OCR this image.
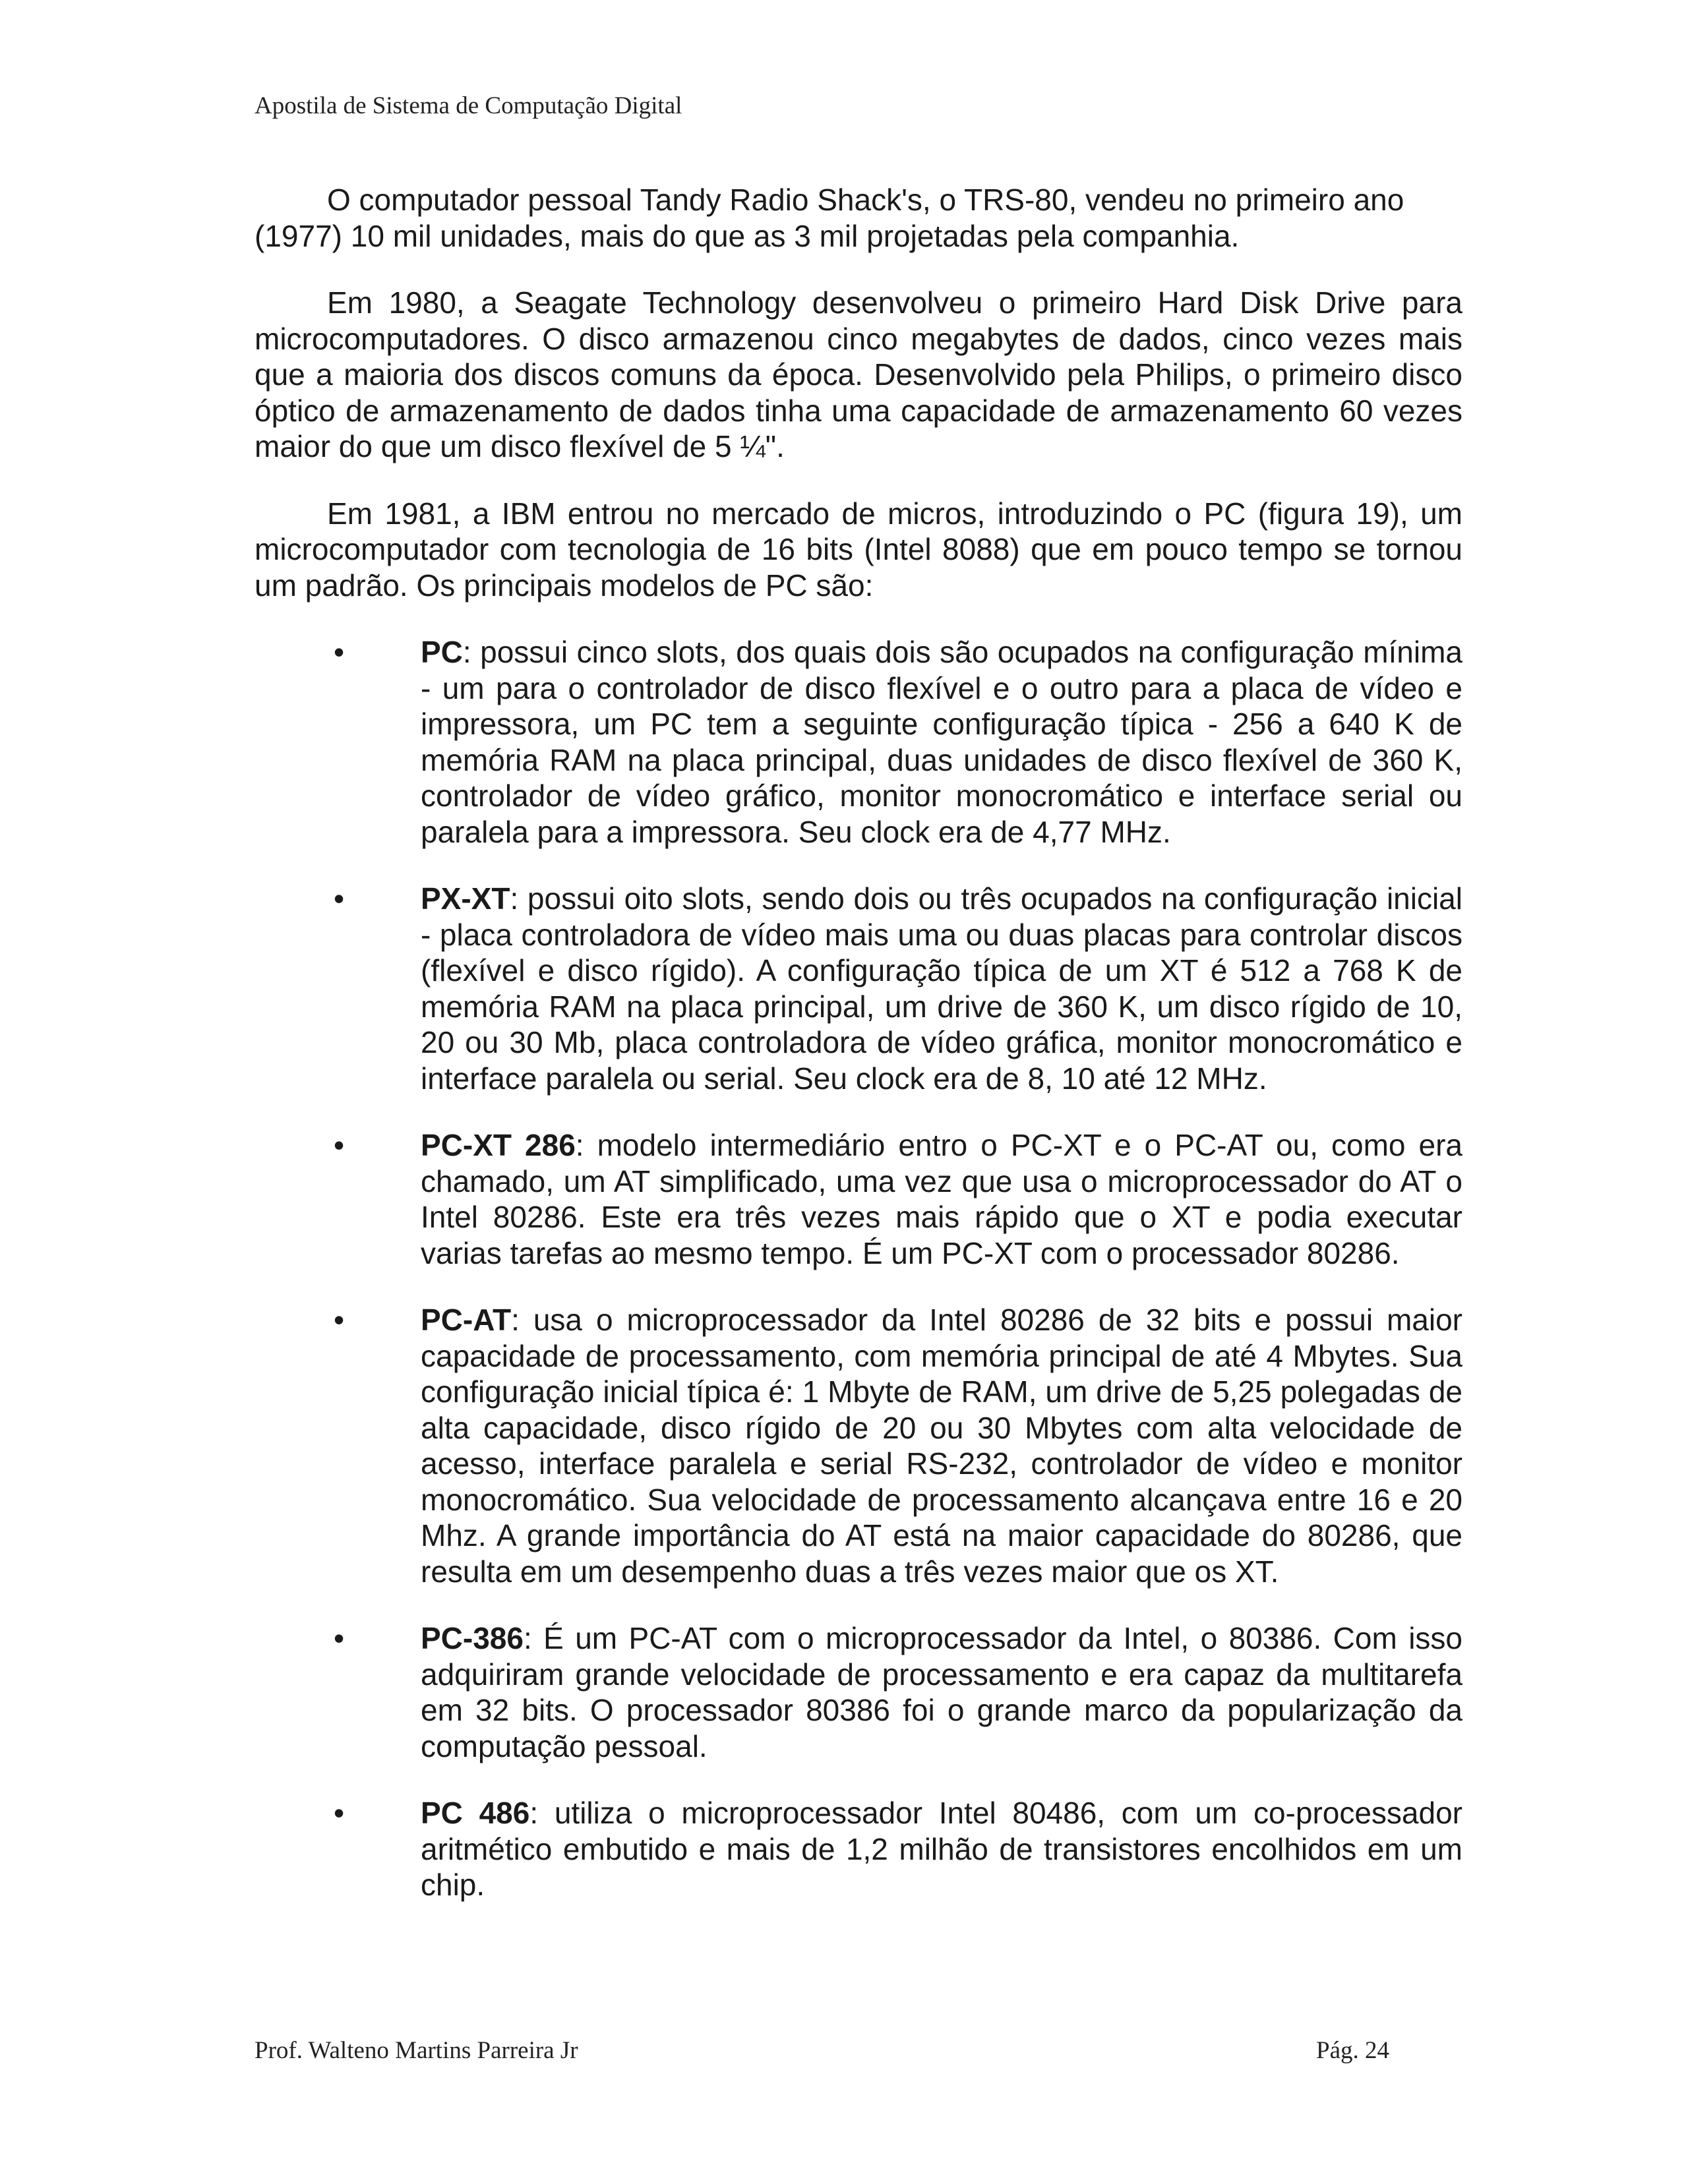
Apostila de Sistema de Computação Digital

O computador pessoal Tandy Radio Shack's, o TRS-80, vendeu no primeiro ano (1977) 10 mil unidades, mais do que as 3 mil projetadas pela companhia.

Em 1980, a Seagate Technology desenvolveu o primeiro Hard Disk Drive para microcomputadores. O disco armazenou cinco megabytes de dados, cinco vezes mais que a maioria dos discos comuns da época. Desenvolvido pela Philips, o primeiro disco óptico de armazenamento de dados tinha uma capacidade de armazenamento 60 vezes maior do que um disco flexível de 5 ¼".

Em 1981, a IBM entrou no mercado de micros, introduzindo o PC (figura 19), um microcomputador com tecnologia de 16 bits (Intel 8088) que em pouco tempo se tornou um padrão. Os principais modelos de PC são:

•	PC: possui cinco slots, dos quais dois são ocupados na configuração mínima - um para o controlador de disco flexível e o outro para a placa de vídeo e impressora, um PC tem a seguinte configuração típica - 256 a 640 K de memória RAM na placa principal, duas unidades de disco flexível de 360 K, controlador de vídeo gráfico, monitor monocromático e interface serial ou paralela para a impressora. Seu clock era de 4,77 MHz.
•	PX-XT: possui oito slots, sendo dois ou três ocupados na configuração inicial - placa controladora de vídeo mais uma ou duas placas para controlar discos (flexível e disco rígido). A configuração típica de um XT é 512 a 768 K de memória RAM na placa principal, um drive de 360 K, um disco rígido de 10, 20 ou 30 Mb, placa controladora de vídeo gráfica, monitor monocromático e interface paralela ou serial. Seu clock era de 8, 10 até 12 MHz.
•	PC-XT 286: modelo intermediário entro o PC-XT e o PC-AT ou, como era chamado, um AT simplificado, uma vez que usa o microprocessador do AT o Intel 80286. Este era três vezes mais rápido que o XT e podia executar varias tarefas ao mesmo tempo. É um PC-XT com o processador 80286.
•	PC-AT: usa o microprocessador da Intel 80286 de 32 bits e possui maior capacidade de processamento, com memória principal de até 4 Mbytes. Sua configuração inicial típica é: 1 Mbyte de RAM, um drive de 5,25 polegadas de alta capacidade, disco rígido de 20 ou 30 Mbytes com alta velocidade de acesso, interface paralela e serial RS-232, controlador de vídeo e monitor monocromático. Sua velocidade de processamento alcançava entre 16 e 20 Mhz. A grande importância do AT está na maior capacidade do 80286, que resulta em um desempenho duas a três vezes maior que os XT.
•	PC-386: É um PC-AT com o microprocessador da Intel, o 80386. Com isso adquiriram grande velocidade de processamento e era capaz da multitarefa em 32 bits. O processador 80386 foi o grande marco da popularização da computação pessoal.
•	PC 486: utiliza o microprocessador Intel 80486, com um co-processador aritmético embutido e mais de 1,2 milhão de transistores encolhidos em um chip.
Prof. Walteno Martins Parreira Jr	Pág. 24
